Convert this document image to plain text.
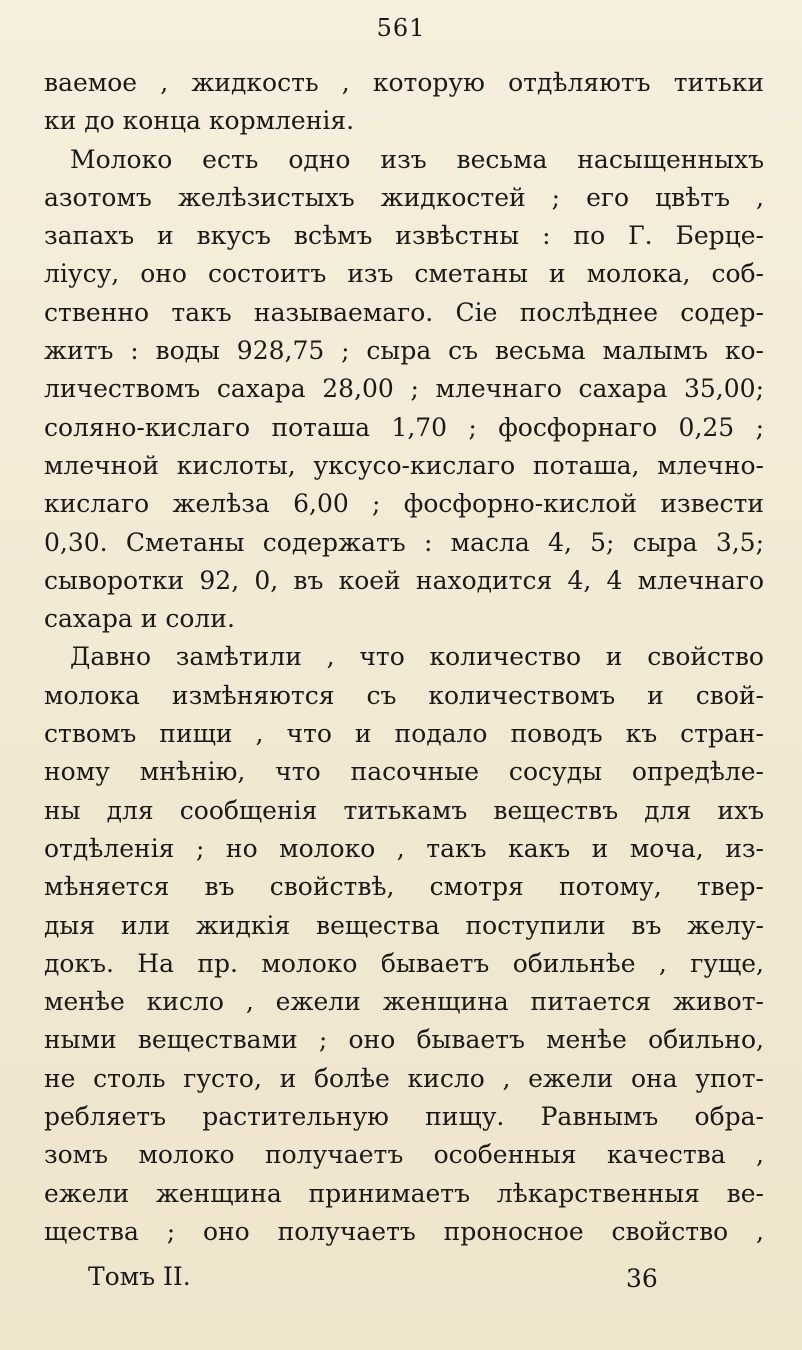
561
ваемое , жидкость , которую отдѣляютъ титьки
ки до конца кормленія.
Молоко есть одно изъ весьма насыщенныхъ
азотомъ желѣзистыхъ жидкостей ; его цвѣтъ ,
запахъ и вкусъ всѣмъ извѣстны : по Г. Берце-
ліусу, оно состоитъ изъ сметаны и молока, соб-
ственно такъ называемаго. Сіе послѣднее содер-
житъ : воды 928,75 ; сыра съ весьма малымъ ко-
личествомъ сахара 28,00 ; млечнаго сахара 35,00;
соляно-кислаго поташа 1,70 ; фосфорнаго 0,25 ;
млечной кислоты, уксусо-кислаго поташа, млечно-
кислаго желѣза 6,00 ; фосфорно-кислой извести
0,30. Сметаны содержатъ : масла 4, 5; сыра 3,5;
сыворотки 92, 0, въ коей находится 4, 4 млечнаго
сахара и соли.
Давно замѣтили , что количество и свойство
молока измѣняются съ количествомъ и свой-
ствомъ пищи , что и подало поводъ къ стран-
ному мнѣнію, что пасочные сосуды опредѣле-
ны для сообщенія титькамъ веществъ для ихъ
отдѣленія ; но молоко , такъ какъ и моча, из-
мѣняется въ свойствѣ, смотря потому, твер-
дыя или жидкія вещества поступили въ желу-
докъ. На пр. молоко бываетъ обильнѣе , гуще,
менѣе кисло , ежели женщина питается живот-
ными веществами ; оно бываетъ менѣе обильно,
не столь густо, и болѣе кисло , ежели она упот-
ребляетъ растительную пищу. Равнымъ обра-
зомъ молоко получаетъ особенныя качества ,
ежели женщина принимаетъ лѣкарственныя ве-
щества ; оно получаетъ проносное свойство ,
Томъ II.	36
